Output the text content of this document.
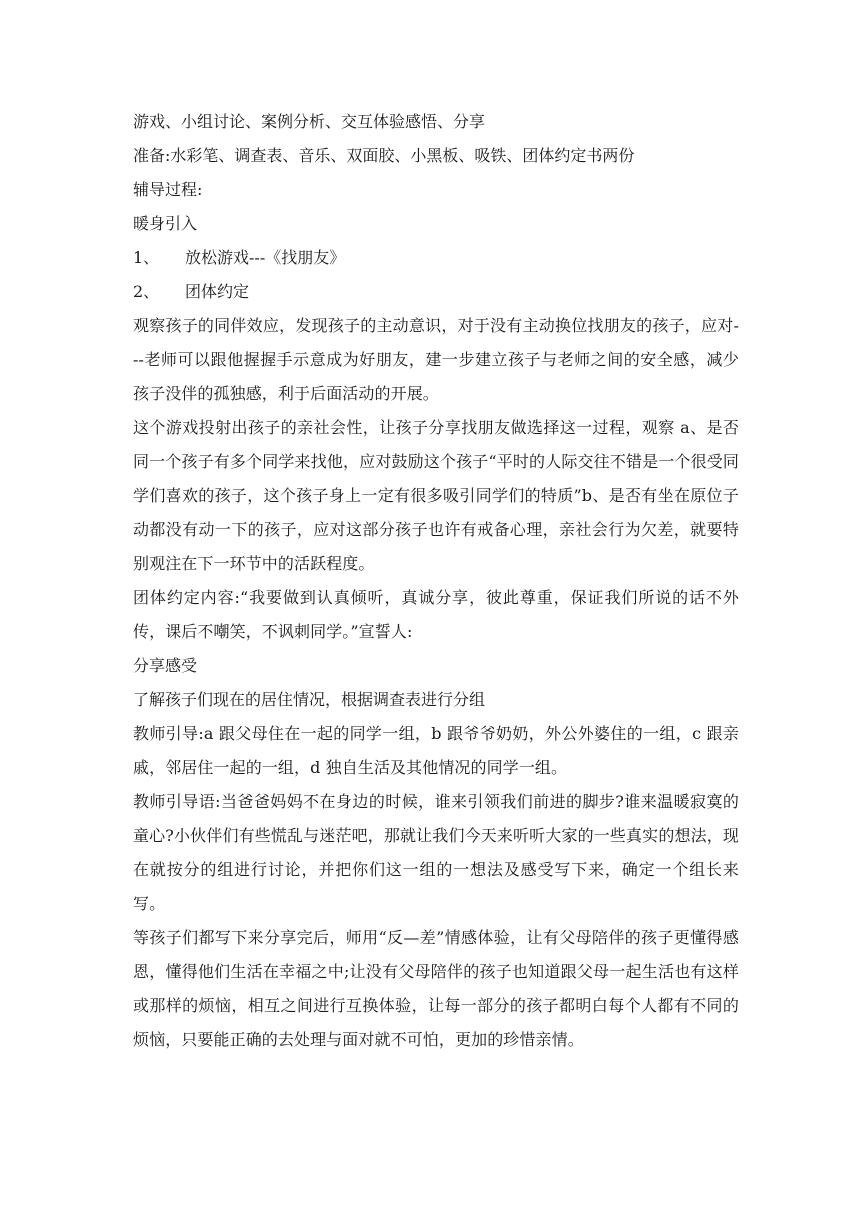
游戏、小组讨论、案例分析、交互体验感悟、分享
准备:水彩笔、调查表、音乐、双面胶、小黑板、吸铁、团体约定书两份
辅导过程:
暖身引入
1、 放松游戏---《找朋友》
2、 团体约定
观察孩子的同伴效应，发现孩子的主动意识，对于没有主动换位找朋友的孩子，应对---老师可以跟他握握手示意成为好朋友，建一步建立孩子与老师之间的安全感，减少孩子没伴的孤独感，利于后面活动的开展。
这个游戏投射出孩子的亲社会性，让孩子分享找朋友做选择这一过程，观察 a、是否同一个孩子有多个同学来找他，应对鼓励这个孩子“平时的人际交往不错是一个很受同学们喜欢的孩子，这个孩子身上一定有很多吸引同学们的特质”b、是否有坐在原位子动都没有动一下的孩子，应对这部分孩子也许有戒备心理，亲社会行为欠差，就要特别观注在下一环节中的活跃程度。
团体约定内容:“我要做到认真倾听，真诚分享，彼此尊重，保证我们所说的话不外传，课后不嘲笑，不讽刺同学。”宣誓人:
分享感受
了解孩子们现在的居住情况，根据调查表进行分组
教师引导:a 跟父母住在一起的同学一组，b 跟爷爷奶奶，外公外婆住的一组，c 跟亲戚，邻居住一起的一组，d 独自生活及其他情况的同学一组。
教师引导语:当爸爸妈妈不在身边的时候，谁来引领我们前进的脚步?谁来温暖寂寞的童心?小伙伴们有些慌乱与迷茫吧，那就让我们今天来听听大家的一些真实的想法，现在就按分的组进行讨论，并把你们这一组的一想法及感受写下来，确定一个组长来写。
等孩子们都写下来分享完后，师用“反—差”情感体验，让有父母陪伴的孩子更懂得感恩，懂得他们生活在幸福之中;让没有父母陪伴的孩子也知道跟父母一起生活也有这样或那样的烦恼，相互之间进行互换体验，让每一部分的孩子都明白每个人都有不同的烦恼，只要能正确的去处理与面对就不可怕，更加的珍惜亲情。
